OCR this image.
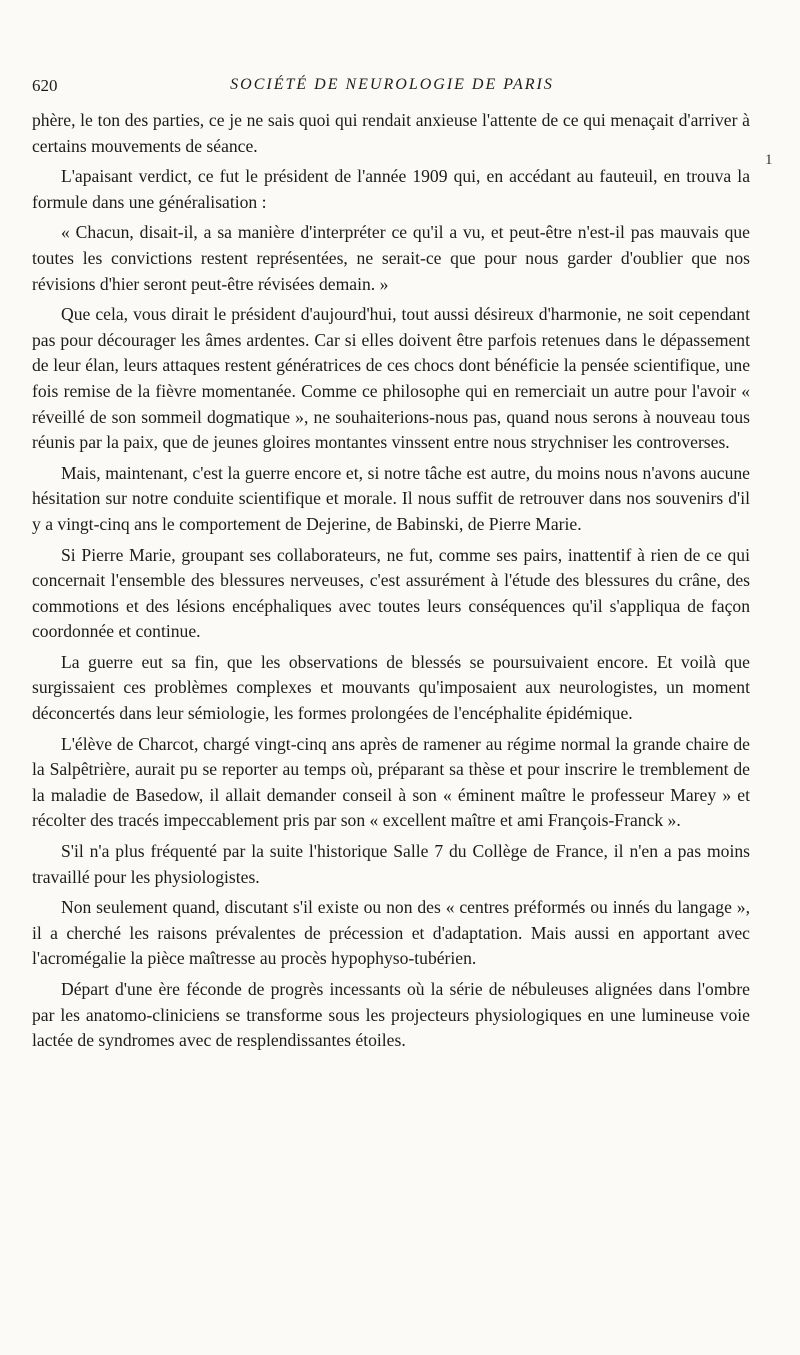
620	SOCIÉTÉ DE NEUROLOGIE DE PARIS
1

phère, le ton des parties, ce je ne sais quoi qui rendait anxieuse l'attente de ce qui menaçait d'arriver à certains mouvements de séance.

L'apaisant verdict, ce fut le président de l'année 1909 qui, en accédant au fauteuil, en trouva la formule dans une généralisation :

« Chacun, disait-il, a sa manière d'interpréter ce qu'il a vu, et peut-être n'est-il pas mauvais que toutes les convictions restent représentées, ne serait-ce que pour nous garder d'oublier que nos révisions d'hier seront peut-être révisées demain. »

Que cela, vous dirait le président d'aujourd'hui, tout aussi désireux d'harmonie, ne soit cependant pas pour décourager les âmes ardentes. Car si elles doivent être parfois retenues dans le dépassement de leur élan, leurs attaques restent génératrices de ces chocs dont bénéficie la pensée scientifique, une fois remise de la fièvre momentanée. Comme ce philosophe qui en remerciait un autre pour l'avoir « réveillé de son sommeil dogmatique », ne souhaiterions-nous pas, quand nous serons à nouveau tous réunis par la paix, que de jeunes gloires montantes vinssent entre nous strychniser les controverses.

Mais, maintenant, c'est la guerre encore et, si notre tâche est autre, du moins nous n'avons aucune hésitation sur notre conduite scientifique et morale. Il nous suffit de retrouver dans nos souvenirs d'il y a vingt-cinq ans le comportement de Dejerine, de Babinski, de Pierre Marie.

Si Pierre Marie, groupant ses collaborateurs, ne fut, comme ses pairs, inattentif à rien de ce qui concernait l'ensemble des blessures nerveuses, c'est assurément à l'étude des blessures du crâne, des commotions et des lésions encéphaliques avec toutes leurs conséquences qu'il s'appliqua de façon coordonnée et continue.

La guerre eut sa fin, que les observations de blessés se poursuivaient encore. Et voilà que surgissaient ces problèmes complexes et mouvants qu'imposaient aux neurologistes, un moment déconcertés dans leur sémiologie, les formes prolongées de l'encéphalite épidémique.

L'élève de Charcot, chargé vingt-cinq ans après de ramener au régime normal la grande chaire de la Salpêtrière, aurait pu se reporter au temps où, préparant sa thèse et pour inscrire le tremblement de la maladie de Basedow, il allait demander conseil à son « éminent maître le professeur Marey » et récolter des tracés impeccablement pris par son « excellent maître et ami François-Franck ».

S'il n'a plus fréquenté par la suite l'historique Salle 7 du Collège de France, il n'en a pas moins travaillé pour les physiologistes.

Non seulement quand, discutant s'il existe ou non des « centres préformés ou innés du langage », il a cherché les raisons prévalentes de précession et d'adaptation. Mais aussi en apportant avec l'acromégalie la pièce maîtresse au procès hypophyso-tubérien.

Départ d'une ère féconde de progrès incessants où la série de nébuleuses alignées dans l'ombre par les anatomo-cliniciens se transforme sous les projecteurs physiologiques en une lumineuse voie lactée de syndromes avec de resplendissantes étoiles.
